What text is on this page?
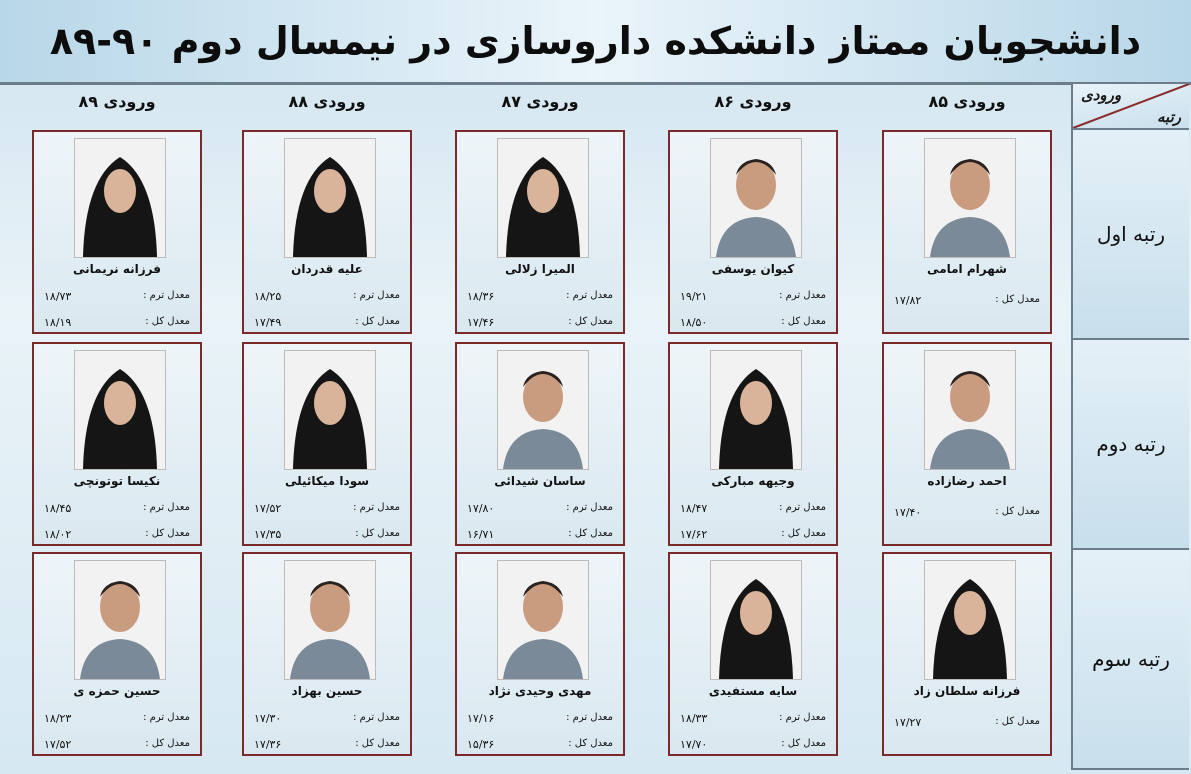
دانشجویان ممتاز دانشکده داروسازی در نیمسال دوم ۹۰-۸۹
ورودی
رتبه
رتبه اول
رتبه دوم
رتبه سوم
ورودی ۸۵
ورودی ۸۶
ورودی ۸۷
ورودی ۸۸
ورودی ۸۹
شهرام امامی
معدل کل :
۱۷/۸۲
کیوان یوسفی
معدل ترم :
۱۹/۲۱
معدل کل :
۱۸/۵۰
المیرا زلالی
معدل ترم :
۱۸/۳۶
معدل کل :
۱۷/۴۶
علیه قدردان
معدل ترم :
۱۸/۲۵
معدل کل :
۱۷/۴۹
فرزانه نریمانی
معدل ترم :
۱۸/۷۳
معدل کل :
۱۸/۱۹
احمد رضازاده
معدل کل :
۱۷/۴۰
وجیهه مبارکی
معدل ترم :
۱۸/۴۷
معدل کل :
۱۷/۶۲
ساسان شیدائی
معدل ترم :
۱۷/۸۰
معدل کل :
۱۶/۷۱
سودا میکائیلی
معدل ترم :
۱۷/۵۲
معدل کل :
۱۷/۳۵
نکیسا توتونچی
معدل ترم :
۱۸/۴۵
معدل کل :
۱۸/۰۲
فرزانه سلطان زاد
معدل کل :
۱۷/۲۷
سایه مستفیدی
معدل ترم :
۱۸/۳۳
معدل کل :
۱۷/۷۰
مهدی وحیدی نژاد
معدل ترم :
۱۷/۱۶
معدل کل :
۱۵/۳۶
حسین بهزاد
معدل ترم :
۱۷/۳۰
معدل کل :
۱۷/۳۶
حسین حمزه ی
معدل ترم :
۱۸/۲۳
معدل کل :
۱۷/۵۲
